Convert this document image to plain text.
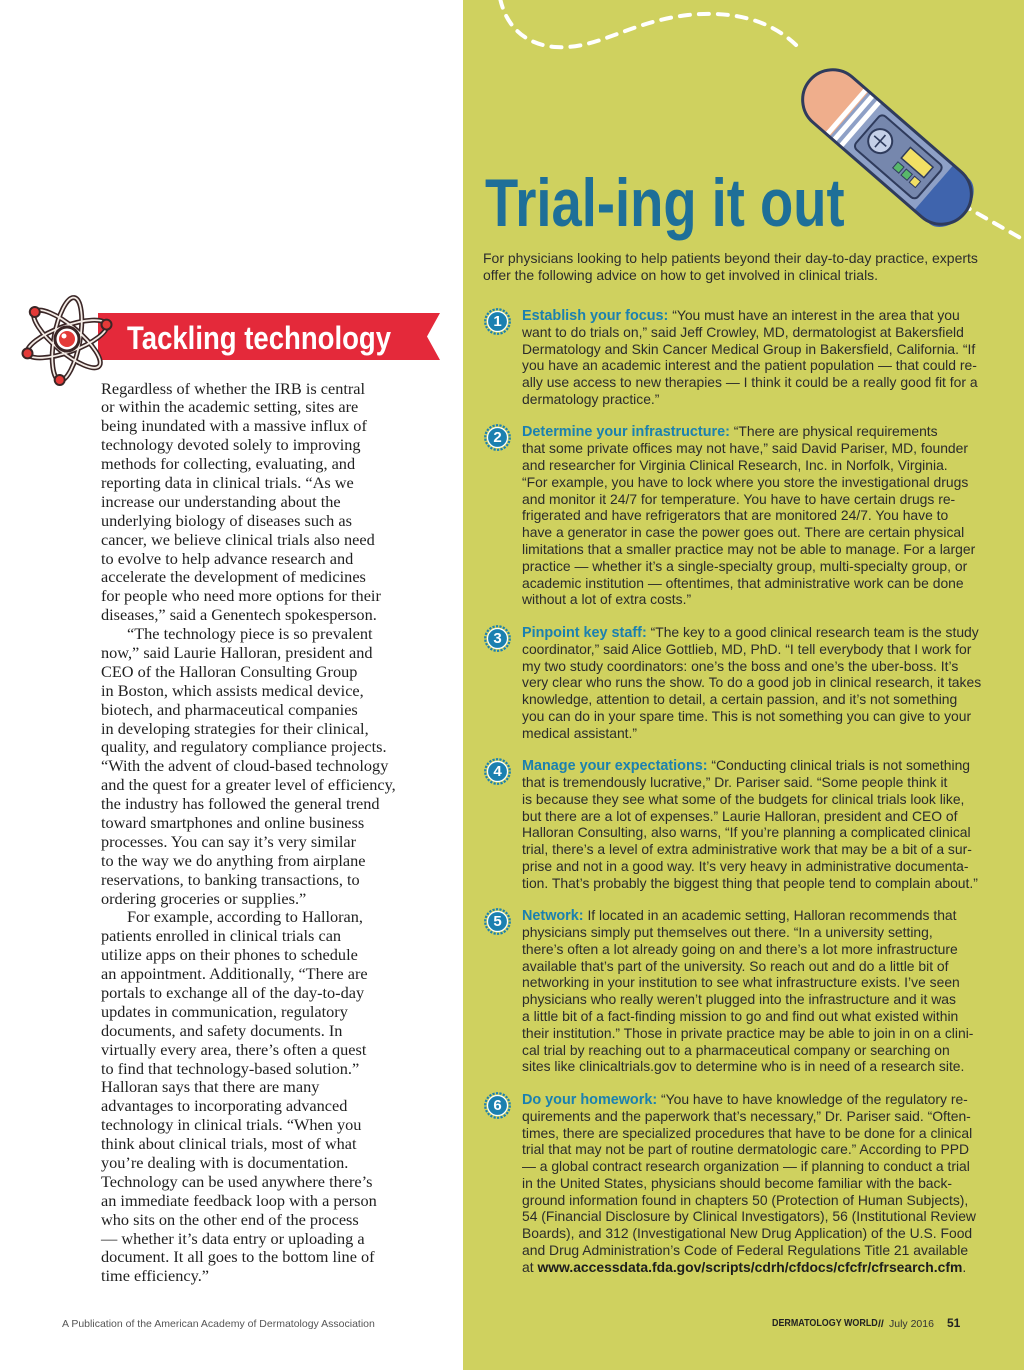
Tackling technology
Regardless of whether the IRB is central
or within the academic setting, sites are
being inundated with a massive influx of
technology devoted solely to improving
methods for collecting, evaluating, and
reporting data in clinical trials. “As we
increase our understanding about the
underlying biology of diseases such as
cancer, we believe clinical trials also need
to evolve to help advance research and
accelerate the development of medicines
for people who need more options for their
diseases,” said a Genentech spokesperson.
“The technology piece is so prevalent
now,” said Laurie Halloran, president and
CEO of the Halloran Consulting Group
in Boston, which assists medical device,
biotech, and pharmaceutical companies
in developing strategies for their clinical,
quality, and regulatory compliance projects.
“With the advent of cloud-based technology
and the quest for a greater level of efficiency,
the industry has followed the general trend
toward smartphones and online business
processes. You can say it’s very similar
to the way we do anything from airplane
reservations, to banking transactions, to
ordering groceries or supplies.”
For example, according to Halloran,
patients enrolled in clinical trials can
utilize apps on their phones to schedule
an appointment. Additionally, “There are
portals to exchange all of the day-to-day
updates in communication, regulatory
documents, and safety documents. In
virtually every area, there’s often a quest
to find that technology-based solution.”
Halloran says that there are many
advantages to incorporating advanced
technology in clinical trials. “When you
think about clinical trials, most of what
you’re dealing with is documentation.
Technology can be used anywhere there’s
an immediate feedback loop with a person
who sits on the other end of the process
— whether it’s data entry or uploading a
document. It all goes to the bottom line of
time efficiency.”
Trial-ing it out
For physicians looking to help patients beyond their day-to-day practice, experts
offer the following advice on how to get involved in clinical trials.
1	Establish your focus: “You must have an interest in the area that you
want to do trials on,” said Jeff Crowley, MD, dermatologist at Bakersfield
Dermatology and Skin Cancer Medical Group in Bakersfield, California. “If
you have an academic interest and the patient population — that could re-
ally use access to new therapies — I think it could be a really good fit for a
dermatology practice.”
2	Determine your infrastructure: “There are physical requirements
that some private offices may not have,” said David Pariser, MD, founder
and researcher for Virginia Clinical Research, Inc. in Norfolk, Virginia.
“For example, you have to lock where you store the investigational drugs
and monitor it 24/7 for temperature. You have to have certain drugs re-
frigerated and have refrigerators that are monitored 24/7. You have to
have a generator in case the power goes out. There are certain physical
limitations that a smaller practice may not be able to manage. For a larger
practice — whether it’s a single-specialty group, multi-specialty group, or
academic institution — oftentimes, that administrative work can be done
without a lot of extra costs.”
3	Pinpoint key staff: “The key to a good clinical research team is the study
coordinator,” said Alice Gottlieb, MD, PhD. “I tell everybody that I work for
my two study coordinators: one’s the boss and one’s the uber-boss. It’s
very clear who runs the show. To do a good job in clinical research, it takes
knowledge, attention to detail, a certain passion, and it’s not something
you can do in your spare time. This is not something you can give to your
medical assistant.”
4	Manage your expectations: “Conducting clinical trials is not something
that is tremendously lucrative,” Dr. Pariser said. “Some people think it
is because they see what some of the budgets for clinical trials look like,
but there are a lot of expenses.” Laurie Halloran, president and CEO of
Halloran Consulting, also warns, “If you’re planning a complicated clinical
trial, there’s a level of extra administrative work that may be a bit of a sur-
prise and not in a good way. It’s very heavy in administrative documenta-
tion. That’s probably the biggest thing that people tend to complain about.”
5	Network: If located in an academic setting, Halloran recommends that
physicians simply put themselves out there. “In a university setting,
there’s often a lot already going on and there’s a lot more infrastructure
available that’s part of the university. So reach out and do a little bit of
networking in your institution to see what infrastructure exists. I’ve seen
physicians who really weren’t plugged into the infrastructure and it was
a little bit of a fact-finding mission to go and find out what existed within
their institution.” Those in private practice may be able to join in on a clini-
cal trial by reaching out to a pharmaceutical company or searching on
sites like clinicaltrials.gov to determine who is in need of a research site.
6	Do your homework: “You have to have knowledge of the regulatory re-
quirements and the paperwork that’s necessary,” Dr. Pariser said. “Often-
times, there are specialized procedures that have to be done for a clinical
trial that may not be part of routine dermatologic care.” According to PPD
— a global contract research organization — if planning to conduct a trial
in the United States, physicians should become familiar with the back-
ground information found in chapters 50 (Protection of Human Subjects),
54 (Financial Disclosure by Clinical Investigators), 56 (Institutional Review
Boards), and 312 (Investigational New Drug Application) of the U.S. Food
and Drug Administration’s Code of Federal Regulations Title 21 available
at www.accessdata.fda.gov/scripts/cdrh/cfdocs/cfcfr/cfrsearch.cfm.
A Publication of the American Academy of Dermatology Association	DERMATOLOGY WORLD // July 2016 51
